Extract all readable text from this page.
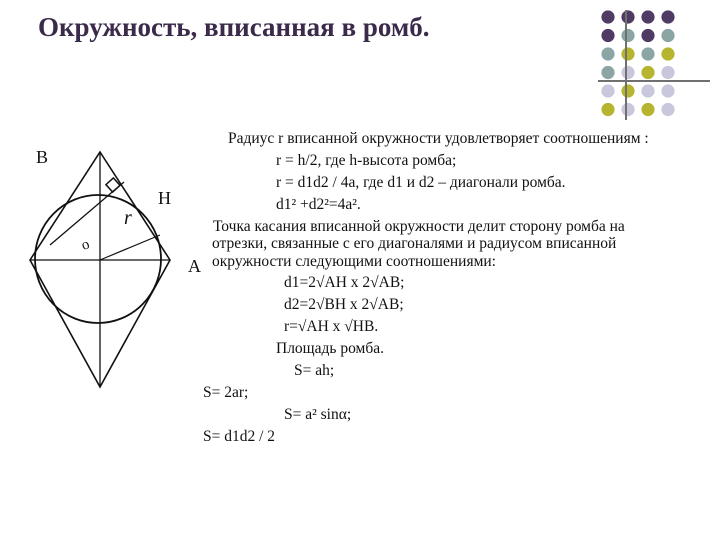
Окружность, вписанная в ромб.
B
H
A
r
o
Радиус r вписанной окружности удовлетворяет соотношениям :
r = h/2, где h-высота ромба;
r = d1d2 / 4a, где d1 и d2 – диагонали ромба.
d1² +d2²=4a².
Точка касания вписанной окружности делит сторону ромба на
отрезки, связанные с его диагоналями и радиусом вписанной
окружности следующими соотношениями:
d1=2√AH x 2√AB;
d2=2√BH x 2√AB;
r=√AH x √HB.
Площадь ромба.
S= ah;
S= 2ar;
S= a² sinα;
S= d1d2 / 2
